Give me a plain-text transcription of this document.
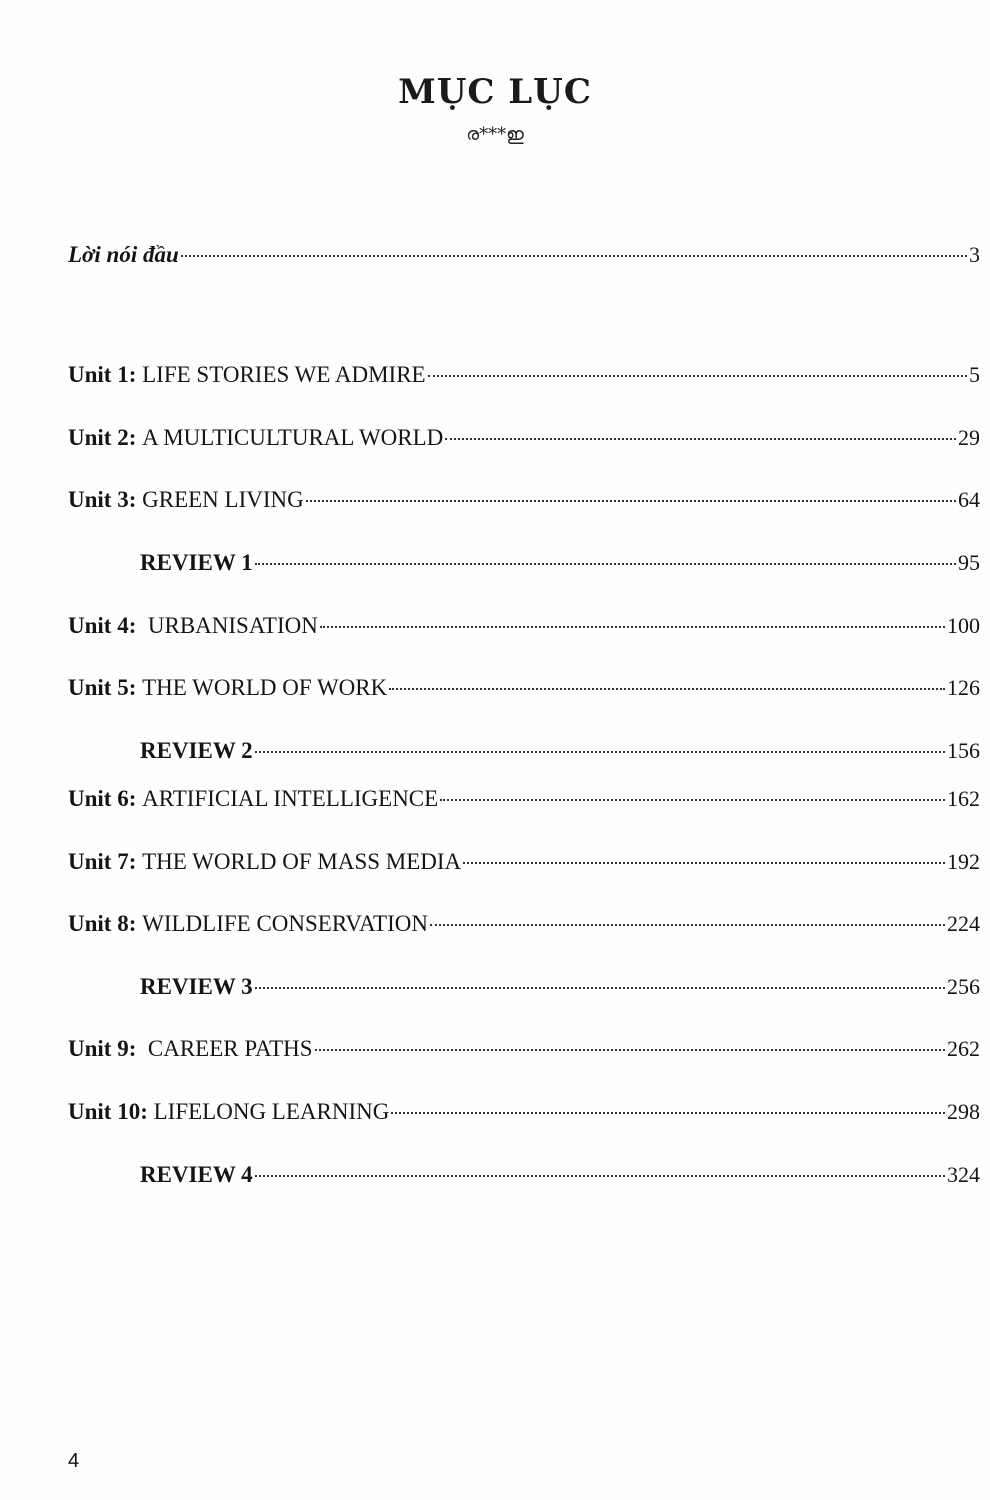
MỤC LỤC
ര***ഇ
Lời nói đầu	3
Unit 1: LIFE STORIES WE ADMIRE	5
Unit 2: A MULTICULTURAL WORLD	29
Unit 3: GREEN LIVING	64
REVIEW 1	95
Unit 4: URBANISATION	100
Unit 5: THE WORLD OF WORK	126
REVIEW 2	156
Unit 6: ARTIFICIAL INTELLIGENCE	162
Unit 7: THE WORLD OF MASS MEDIA	192
Unit 8: WILDLIFE CONSERVATION	224
REVIEW 3	256
Unit 9: CAREER PATHS	262
Unit 10: LIFELONG LEARNING	298
REVIEW 4	324
4
